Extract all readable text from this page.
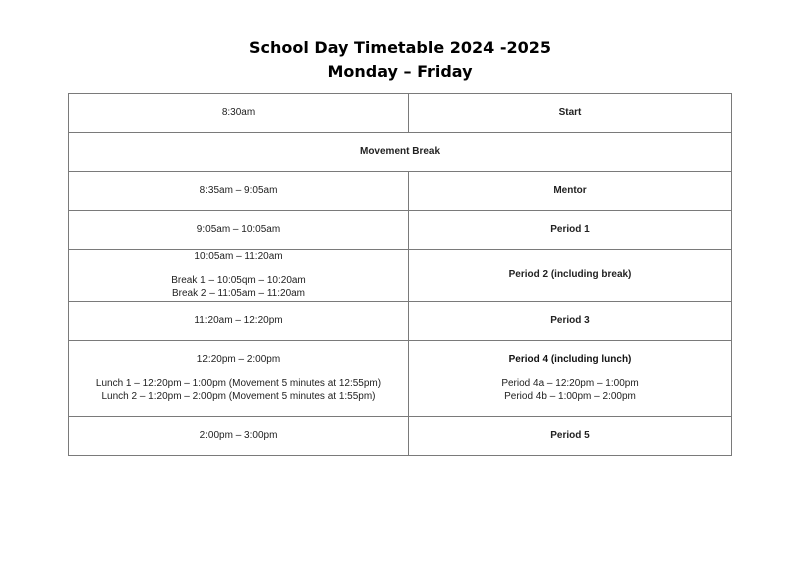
School Day Timetable 2024 -2025
Monday – Friday
8:30am	Start
Movement Break	
8:35am – 9:05am	Mentor
9:05am – 10:05am	Period 1

10:05am – 11:20am
Break 1 – 10:05qm – 10:20am
Break 2 – 11:05am – 11:20am	Period 2 (including break)
11:20am – 12:20pm	Period 3

12:20pm – 2:00pm
Lunch 1 – 12:20pm – 1:00pm (Movement 5 minutes at 12:55pm)
Lunch 2 – 1:20pm – 2:00pm (Movement 5 minutes at 1:55pm)	Period 4 (including lunch)
Period 4a – 12:20pm – 1:00pm
Period 4b – 1:00pm – 2:00pm

2:00pm – 3:00pm	Period 5
